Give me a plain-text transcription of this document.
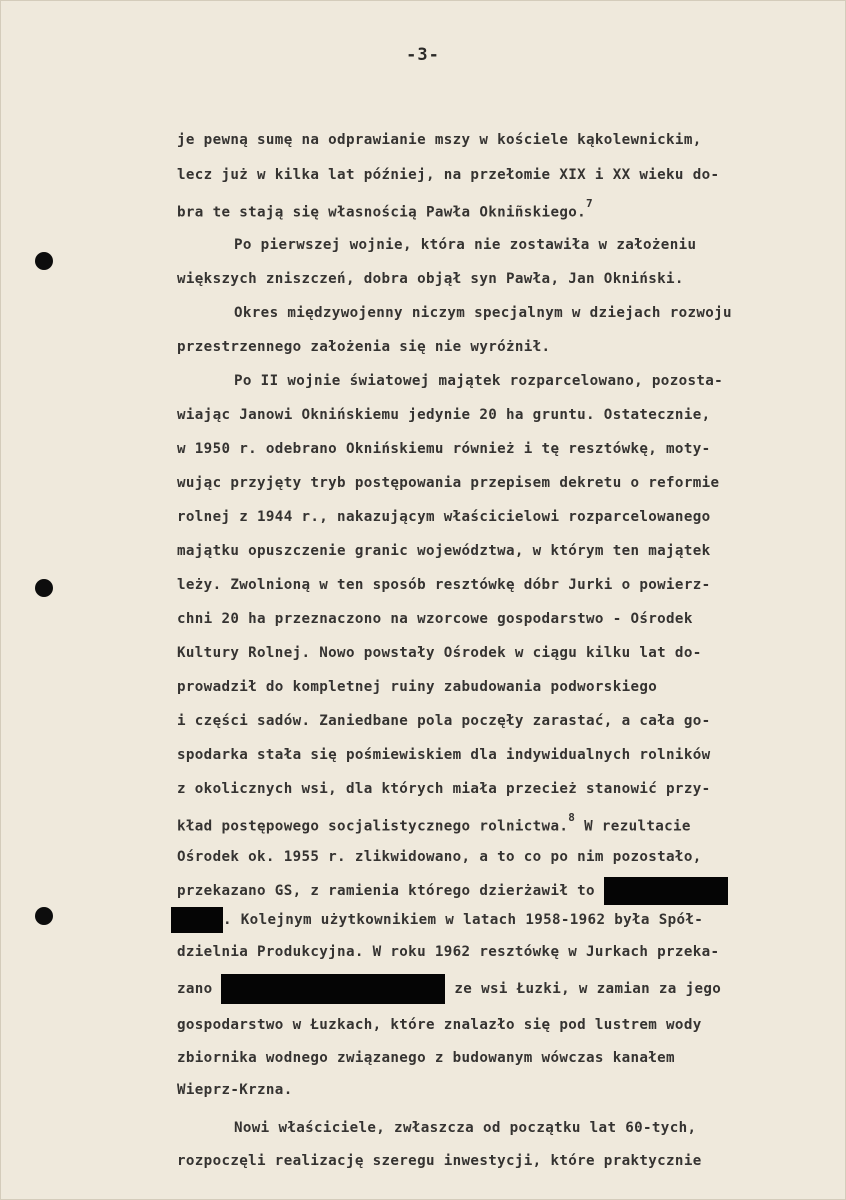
-3-
je pewną sumę na odprawianie mszy w kościele kąkolewnickim,
lecz już w kilka lat później, na przełomie XIX i XX wieku do-
bra te stają się własnością Pawła Okniñskiego.$^7$
Po pierwszej wojnie, która nie zostawiła w założeniu
większych zniszczeń, dobra objął syn Pawła, Jan Okniński.
Okres międzywojenny niczym specjalnym w dziejach rozwoju
przestrzennego założenia się nie wyróżnił.
Po II wojnie światowej majątek rozparcelowano, pozosta-
wiając Janowi Oknińskiemu jedynie 20 ha gruntu. Ostatecznie,
w 1950 r. odebrano Oknińskiemu również i tę resztówkę, moty-
wując przyjęty tryb postępowania przepisem dekretu o reformie
rolnej z 1944 r., nakazującym właścicielowi rozparcelowanego
majątku opuszczenie granic województwa, w którym ten majątek
leży. Zwolnioną w ten sposób resztówkę dóbr Jurki o powierz-
chni 20 ha przeznaczono na wzorcowe gospodarstwo - Ośrodek
Kultury Rolnej. Nowo powstały Ośrodek w ciągu kilku lat do-
prowadził do kompletnej ruiny zabudowania podworskiego
i części sadów. Zaniedbane pola poczęły zarastać, a cała go-
spodarka stała się pośmiewiskiem dla indywidualnych rolników
z okolicznych wsi, dla których miała przecież stanowić przy-
kład postępowego socjalistycznego rolnictwa.$^8$ W rezultacie
Ośrodek ok. 1955 r. zlikwidowano, a to co po nim pozostało,
przekazano GS, z ramienia którego dzierżawił to
. Kolejnym użytkownikiem w latach 1958-1962 była Spół-
dzielnia Produkcyjna. W roku 1962 resztówkę w Jurkach przeka-
zano	ze wsi Łuzki, w zamian za jego
gospodarstwo w Łuzkach, które znalazło się pod lustrem wody
zbiornika wodnego związanego z budowanym wówczas kanałem
Wieprz-Krzna.
Nowi właściciele, zwłaszcza od początku lat 60-tych,
rozpoczęli realizację szeregu inwestycji, które praktycznie
